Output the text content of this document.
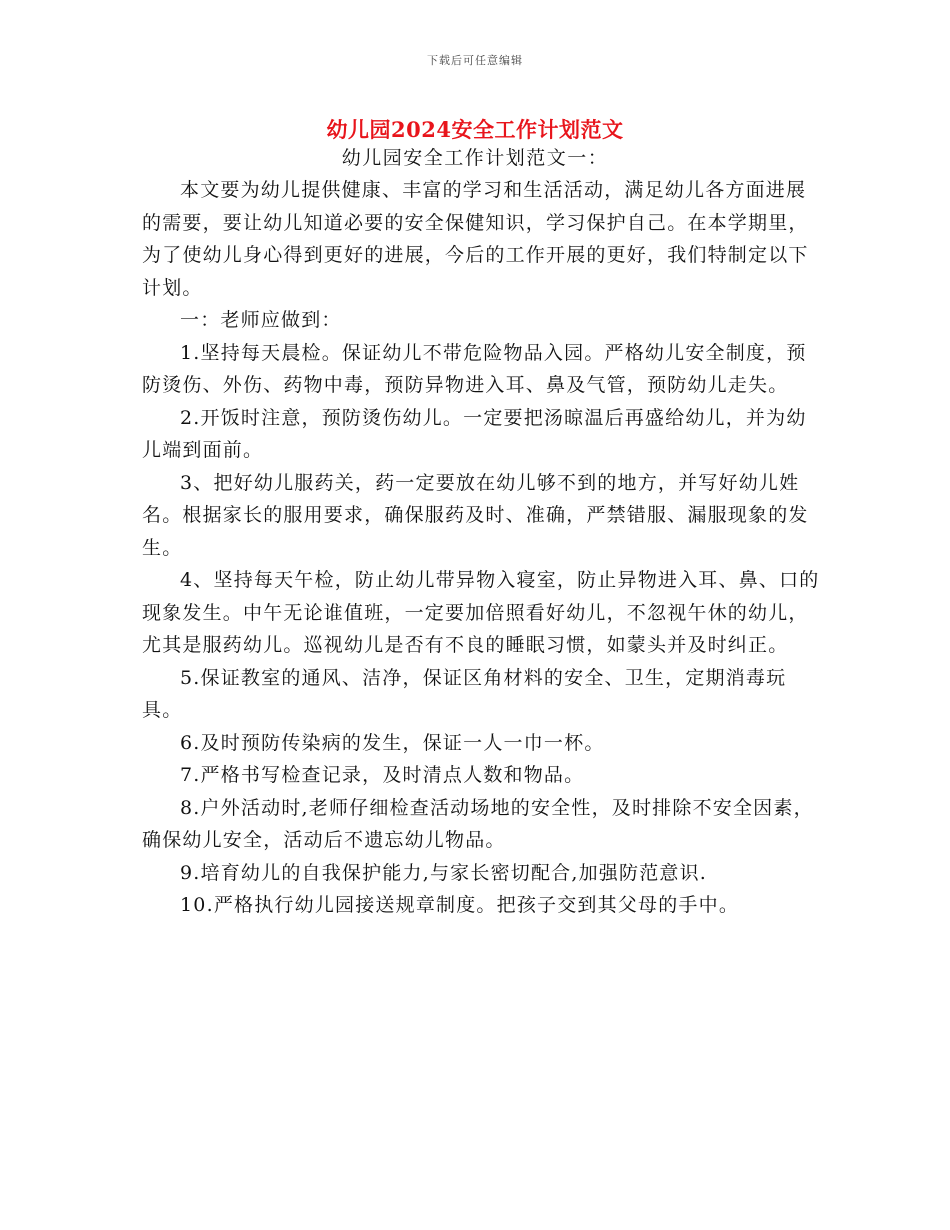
下载后可任意编辑
幼儿园2024安全工作计划范文
幼儿园安全工作计划范文一：

本文要为幼儿提供健康、丰富的学习和生活活动，满足幼儿各方面进展的需要，要让幼儿知道必要的安全保健知识，学习保护自己。在本学期里，为了使幼儿身心得到更好的进展，今后的工作开展的更好，我们特制定以下计划。

一：老师应做到：

1.坚持每天晨检。保证幼儿不带危险物品入园。严格幼儿安全制度，预防烫伤、外伤、药物中毒，预防异物进入耳、鼻及气管，预防幼儿走失。

2.开饭时注意，预防烫伤幼儿。一定要把汤晾温后再盛给幼儿，并为幼儿端到面前。

3、把好幼儿服药关，药一定要放在幼儿够不到的地方，并写好幼儿姓名。根据家长的服用要求，确保服药及时、准确，严禁错服、漏服现象的发生。

4、坚持每天午检，防止幼儿带异物入寝室，防止异物进入耳、鼻、口的现象发生。中午无论谁值班，一定要加倍照看好幼儿，不忽视午休的幼儿，尤其是服药幼儿。巡视幼儿是否有不良的睡眠习惯，如蒙头并及时纠正。

5.保证教室的通风、洁净，保证区角材料的安全、卫生，定期消毒玩具。

6.及时预防传染病的发生，保证一人一巾一杯。

7.严格书写检查记录，及时清点人数和物品。

8.户外活动时,老师仔细检查活动场地的安全性，及时排除不安全因素，确保幼儿安全，活动后不遗忘幼儿物品。

9.培育幼儿的自我保护能力,与家长密切配合,加强防范意识.

10.严格执行幼儿园接送规章制度。把孩子交到其父母的手中。
